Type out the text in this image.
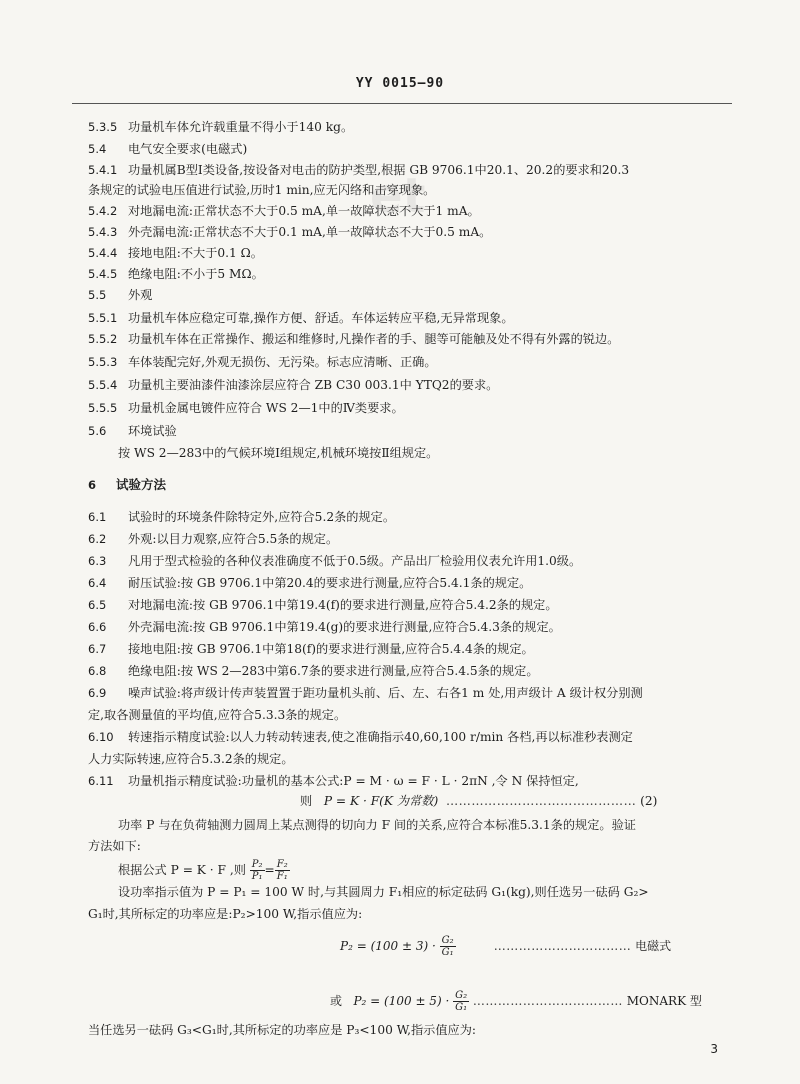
et
YY 0015—90
5.3.5 功量机车体允许载重量不得小于140 kg。
5.4 电气安全要求(电磁式)
5.4.1 功量机属B型Ⅰ类设备,按设备对电击的防护类型,根据 GB 9706.1中20.1、20.2的要求和20.3
条规定的试验电压值进行试验,历时1 min,应无闪络和击穿现象。
5.4.2 对地漏电流:正常状态不大于0.5 mA,单一故障状态不大于1 mA。
5.4.3 外壳漏电流:正常状态不大于0.1 mA,单一故障状态不大于0.5 mA。
5.4.4 接地电阻:不大于0.1 Ω。
5.4.5 绝缘电阻:不小于5 MΩ。
5.5 外观
5.5.1 功量机车体应稳定可靠,操作方便、舒适。车体运转应平稳,无异常现象。
5.5.2 功量机车体在正常操作、搬运和维修时,凡操作者的手、腿等可能触及处不得有外露的锐边。
5.5.3 车体装配完好,外观无损伤、无污染。标志应清晰、正确。
5.5.4 功量机主要油漆件油漆涂层应符合 ZB C30 003.1中 YTQ2的要求。
5.5.5 功量机金属电镀件应符合 WS 2—1中的Ⅳ类要求。
5.6 环境试验
按 WS 2—283中的气候环境Ⅰ组规定,机械环境按Ⅱ组规定。
6 试验方法
6.1 试验时的环境条件除特定外,应符合5.2条的规定。
6.2 外观:以目力观察,应符合5.5条的规定。
6.3 凡用于型式检验的各种仪表准确度不低于0.5级。产品出厂检验用仪表允许用1.0级。
6.4 耐压试验:按 GB 9706.1中第20.4的要求进行测量,应符合5.4.1条的规定。
6.5 对地漏电流:按 GB 9706.1中第19.4(f)的要求进行测量,应符合5.4.2条的规定。
6.6 外壳漏电流:按 GB 9706.1中第19.4(g)的要求进行测量,应符合5.4.3条的规定。
6.7 接地电阻:按 GB 9706.1中第18(f)的要求进行测量,应符合5.4.4条的规定。
6.8 绝缘电阻:按 WS 2—283中第6.7条的要求进行测量,应符合5.4.5条的规定。
6.9 噪声试验:将声级计传声装置置于距功量机头前、后、左、右各1 m 处,用声级计 A 级计权分别测
定,取各测量值的平均值,应符合5.3.3条的规定。
6.10 转速指示精度试验:以人力转动转速表,使之准确指示40,60,100 r/min 各档,再以标准秒表测定
人力实际转速,应符合5.3.2条的规定。
6.11 功量机指示精度试验:功量机的基本公式:P = M · ω = F · L · 2πN ,令 N 保持恒定,
则 P = K · F(K 为常数) ……………………………………… (2)
功率 P 与在负荷轴测力圆周上某点测得的切向力 F 间的关系,应符合本标准5.3.1条的规定。验证
方法如下:
根据公式 P = K · F ,则 $\frac{\text{P₂}}{\text{P₁}} = \frac{\text{F₂}}{\text{F₁}}$
设功率指示值为 P = P₁ = 100 W 时,与其圆周力 F₁相应的标定砝码 G₁(kg),则任选另一砝码 G₂>
G₁时,其所标定的功率应是:P₂>100 W,指示值应为:
$P_2 = (100 \pm 3) \cdot \frac{\text{G₂}}{\text{G₁}}$	…………………………… 电磁式
或 $P_2 = (100 \pm 5) \cdot \frac{\text{G₂}}{\text{G₁}}$ ……………………………… MONARK 型
当任选另一砝码 G₃<G₁时,其所标定的功率应是 P₃<100 W,指示值应为:
3
